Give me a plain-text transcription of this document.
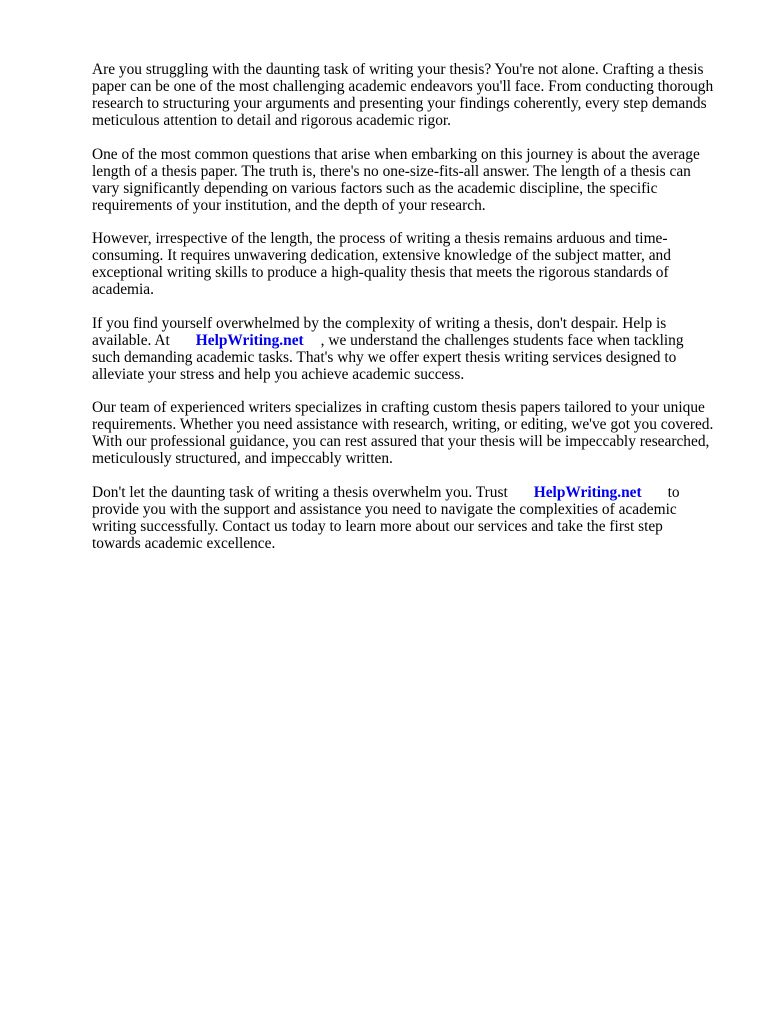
Are you struggling with the daunting task of writing your thesis? You're not alone. Crafting a thesis
paper can be one of the most challenging academic endeavors you'll face. From conducting thorough
research to structuring your arguments and presenting your findings coherently, every step demands
meticulous attention to detail and rigorous academic rigor.

One of the most common questions that arise when embarking on this journey is about the average
length of a thesis paper. The truth is, there's no one-size-fits-all answer. The length of a thesis can
vary significantly depending on various factors such as the academic discipline, the specific
requirements of your institution, and the depth of your research.

However, irrespective of the length, the process of writing a thesis remains arduous and time-
consuming. It requires unwavering dedication, extensive knowledge of the subject matter, and
exceptional writing skills to produce a high-quality thesis that meets the rigorous standards of
academia.

If you find yourself overwhelmed by the complexity of writing a thesis, don't despair. Help is
available. At HelpWriting.net , we understand the challenges students face when tackling
such demanding academic tasks. That's why we offer expert thesis writing services designed to
alleviate your stress and help you achieve academic success.

Our team of experienced writers specializes in crafting custom thesis papers tailored to your unique
requirements. Whether you need assistance with research, writing, or editing, we've got you covered.
With our professional guidance, you can rest assured that your thesis will be impeccably researched,
meticulously structured, and impeccably written.

Don't let the daunting task of writing a thesis overwhelm you. Trust HelpWriting.net to
provide you with the support and assistance you need to navigate the complexities of academic
writing successfully. Contact us today to learn more about our services and take the first step
towards academic excellence.
